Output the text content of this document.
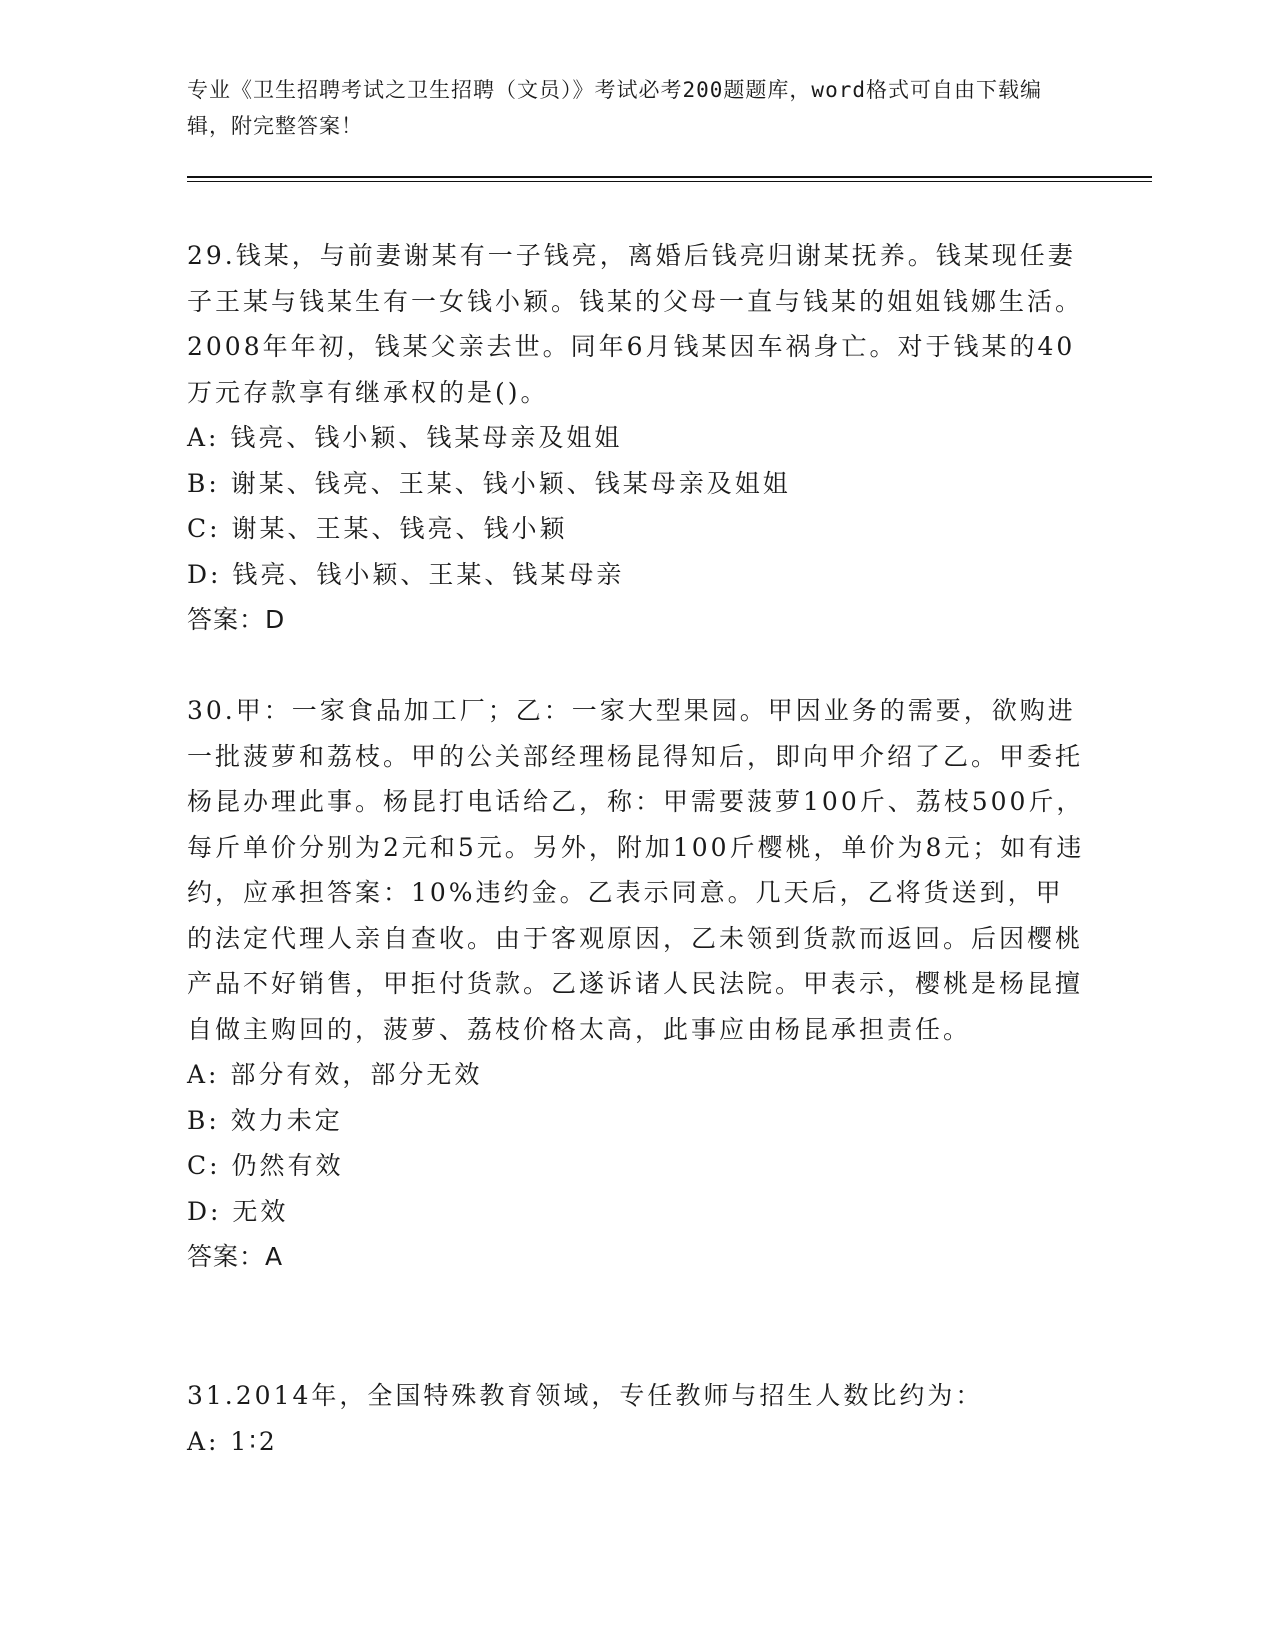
专业《卫生招聘考试之卫生招聘（文员）》考试必考200题题库，word格式可自由下载编辑，附完整答案！

29.钱某，与前妻谢某有一子钱亮，离婚后钱亮归谢某抚养。钱某现任妻子王某与钱某生有一女钱小颖。钱某的父母一直与钱某的姐姐钱娜生活。2008年年初，钱某父亲去世。同年6月钱某因车祸身亡。对于钱某的40万元存款享有继承权的是()。

A: 钱亮、钱小颖、钱某母亲及姐姐

B: 谢某、钱亮、王某、钱小颖、钱某母亲及姐姐

C: 谢某、王某、钱亮、钱小颖

D: 钱亮、钱小颖、王某、钱某母亲

答案：D

30.甲：一家食品加工厂；乙：一家大型果园。甲因业务的需要，欲购进一批菠萝和荔枝。甲的公关部经理杨昆得知后，即向甲介绍了乙。甲委托杨昆办理此事。杨昆打电话给乙，称：甲需要菠萝100斤、荔枝500斤，每斤单价分别为2元和5元。另外，附加100斤樱桃，单价为8元；如有违约，应承担答案：10%违约金。乙表示同意。几天后，乙将货送到，甲的法定代理人亲自查收。由于客观原因，乙未领到货款而返回。后因樱桃产品不好销售，甲拒付货款。乙遂诉诸人民法院。甲表示，樱桃是杨昆擅自做主购回的，菠萝、荔枝价格太高，此事应由杨昆承担责任。

A: 部分有效，部分无效

B: 效力未定

C: 仍然有效

D: 无效

答案：A

31.2014年，全国特殊教育领域，专任教师与招生人数比约为：

A: 1∶2
